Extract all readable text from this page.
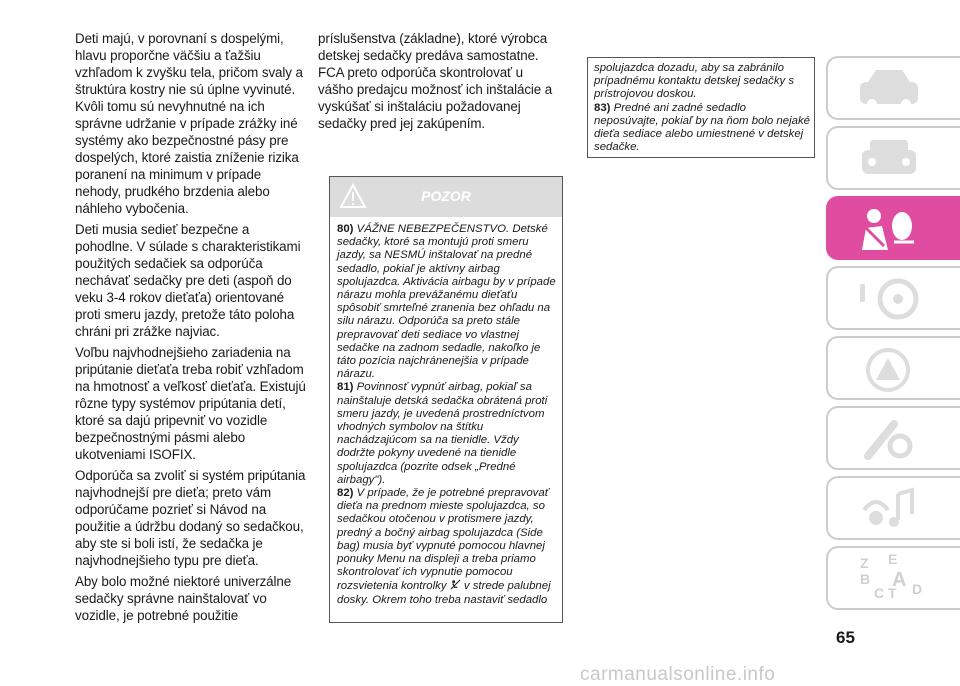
Deti majú, v porovnaní s dospelými, hlavu proporčne väčšiu a ťažšiu vzhľadom k zvyšku tela, pričom svaly a štruktúra kostry nie sú úplne vyvinuté. Kvôli tomu sú nevyhnutné na ich správne udržanie v prípade zrážky iné systémy ako bezpečnostné pásy pre dospelých, ktoré zaistia zníženie rizika poranení na minimum v prípade nehody, prudkého brzdenia alebo náhleho vybočenia.

Deti musia sedieť bezpečne a pohodlne. V súlade s charakteristikami použitých sedačiek sa odporúča nechávať sedačky pre deti (aspoň do veku 3-4 rokov dieťaťa) orientované proti smeru jazdy, pretože táto poloha chráni pri zrážke najviac.

Voľbu najvhodnejšieho zariadenia na pripútanie dieťaťa treba robiť vzhľadom na hmotnosť a veľkosť dieťaťa. Existujú rôzne typy systémov pripútania detí, ktoré sa dajú pripevniť vo vozidle bezpečnostnými pásmi alebo ukotveniami ISOFIX.

Odporúča sa zvoliť si systém pripútania najvhodnejší pre dieťa; preto vám odporúčame pozrieť si Návod na použitie a údržbu dodaný so sedačkou, aby ste si boli istí, že sedačka je najvhodnejšieho typu pre dieťa.

Aby bolo možné niektoré univerzálne sedačky správne nainštalovať vo vozidle, je potrebné použitie

príslušenstva (základne), ktoré výrobca detskej sedačky predáva samostatne. FCA preto odporúča skontrolovať u vášho predajcu možnosť ich inštalácie a vyskúšať si inštaláciu požadovanej sedačky pred jej zakúpením.

POZOR

80) VÁŽNE NEBEZPEČENSTVO. Detské sedačky, ktoré sa montujú proti smeru jazdy, sa NESMÚ inštalovať na predné sedadlo, pokiaľ je aktívny airbag spolujazdca. Aktivácia airbagu by v prípade nárazu mohla prevážanému dieťaťu spôsobiť smrteľné zranenia bez ohľadu na silu nárazu. Odporúča sa preto stále prepravovať deti sediace vo vlastnej sedačke na zadnom sedadle, nakoľko je táto pozícia najchránenejšia v prípade nárazu.

81) Povinnosť vypnúť airbag, pokiaľ sa nainštaluje detská sedačka obrátená proti smeru jazdy, je uvedená prostredníctvom vhodných symbolov na štítku nachádzajúcom sa na tienidle. Vždy dodržte pokyny uvedené na tienidle spolujazdca (pozrite odsek „Predné airbagy").

82) V prípade, že je potrebné prepravovať dieťa na prednom mieste spolujazdca, so sedačkou otočenou v protismere jazdy, predný a bočný airbag spolujazdca (Side bag) musia byť vypnuté pomocou hlavnej ponuky Menu na displeji a treba priamo skontrolovať ich vypnutie pomocou rozsvietenia kontrolky v strede palubnej dosky. Okrem toho treba nastaviť sedadlo

spolujazdca dozadu, aby sa zabránilo prípadnému kontaktu detskej sedačky s prístrojovou doskou.

83) Predné ani zadné sedadlo neposúvajte, pokiaľ by na ňom bolo nejaké dieťa sediace alebo umiestnené v detskej sedačke.

Z E
B A
C T D
65
carmanualsonline.info
